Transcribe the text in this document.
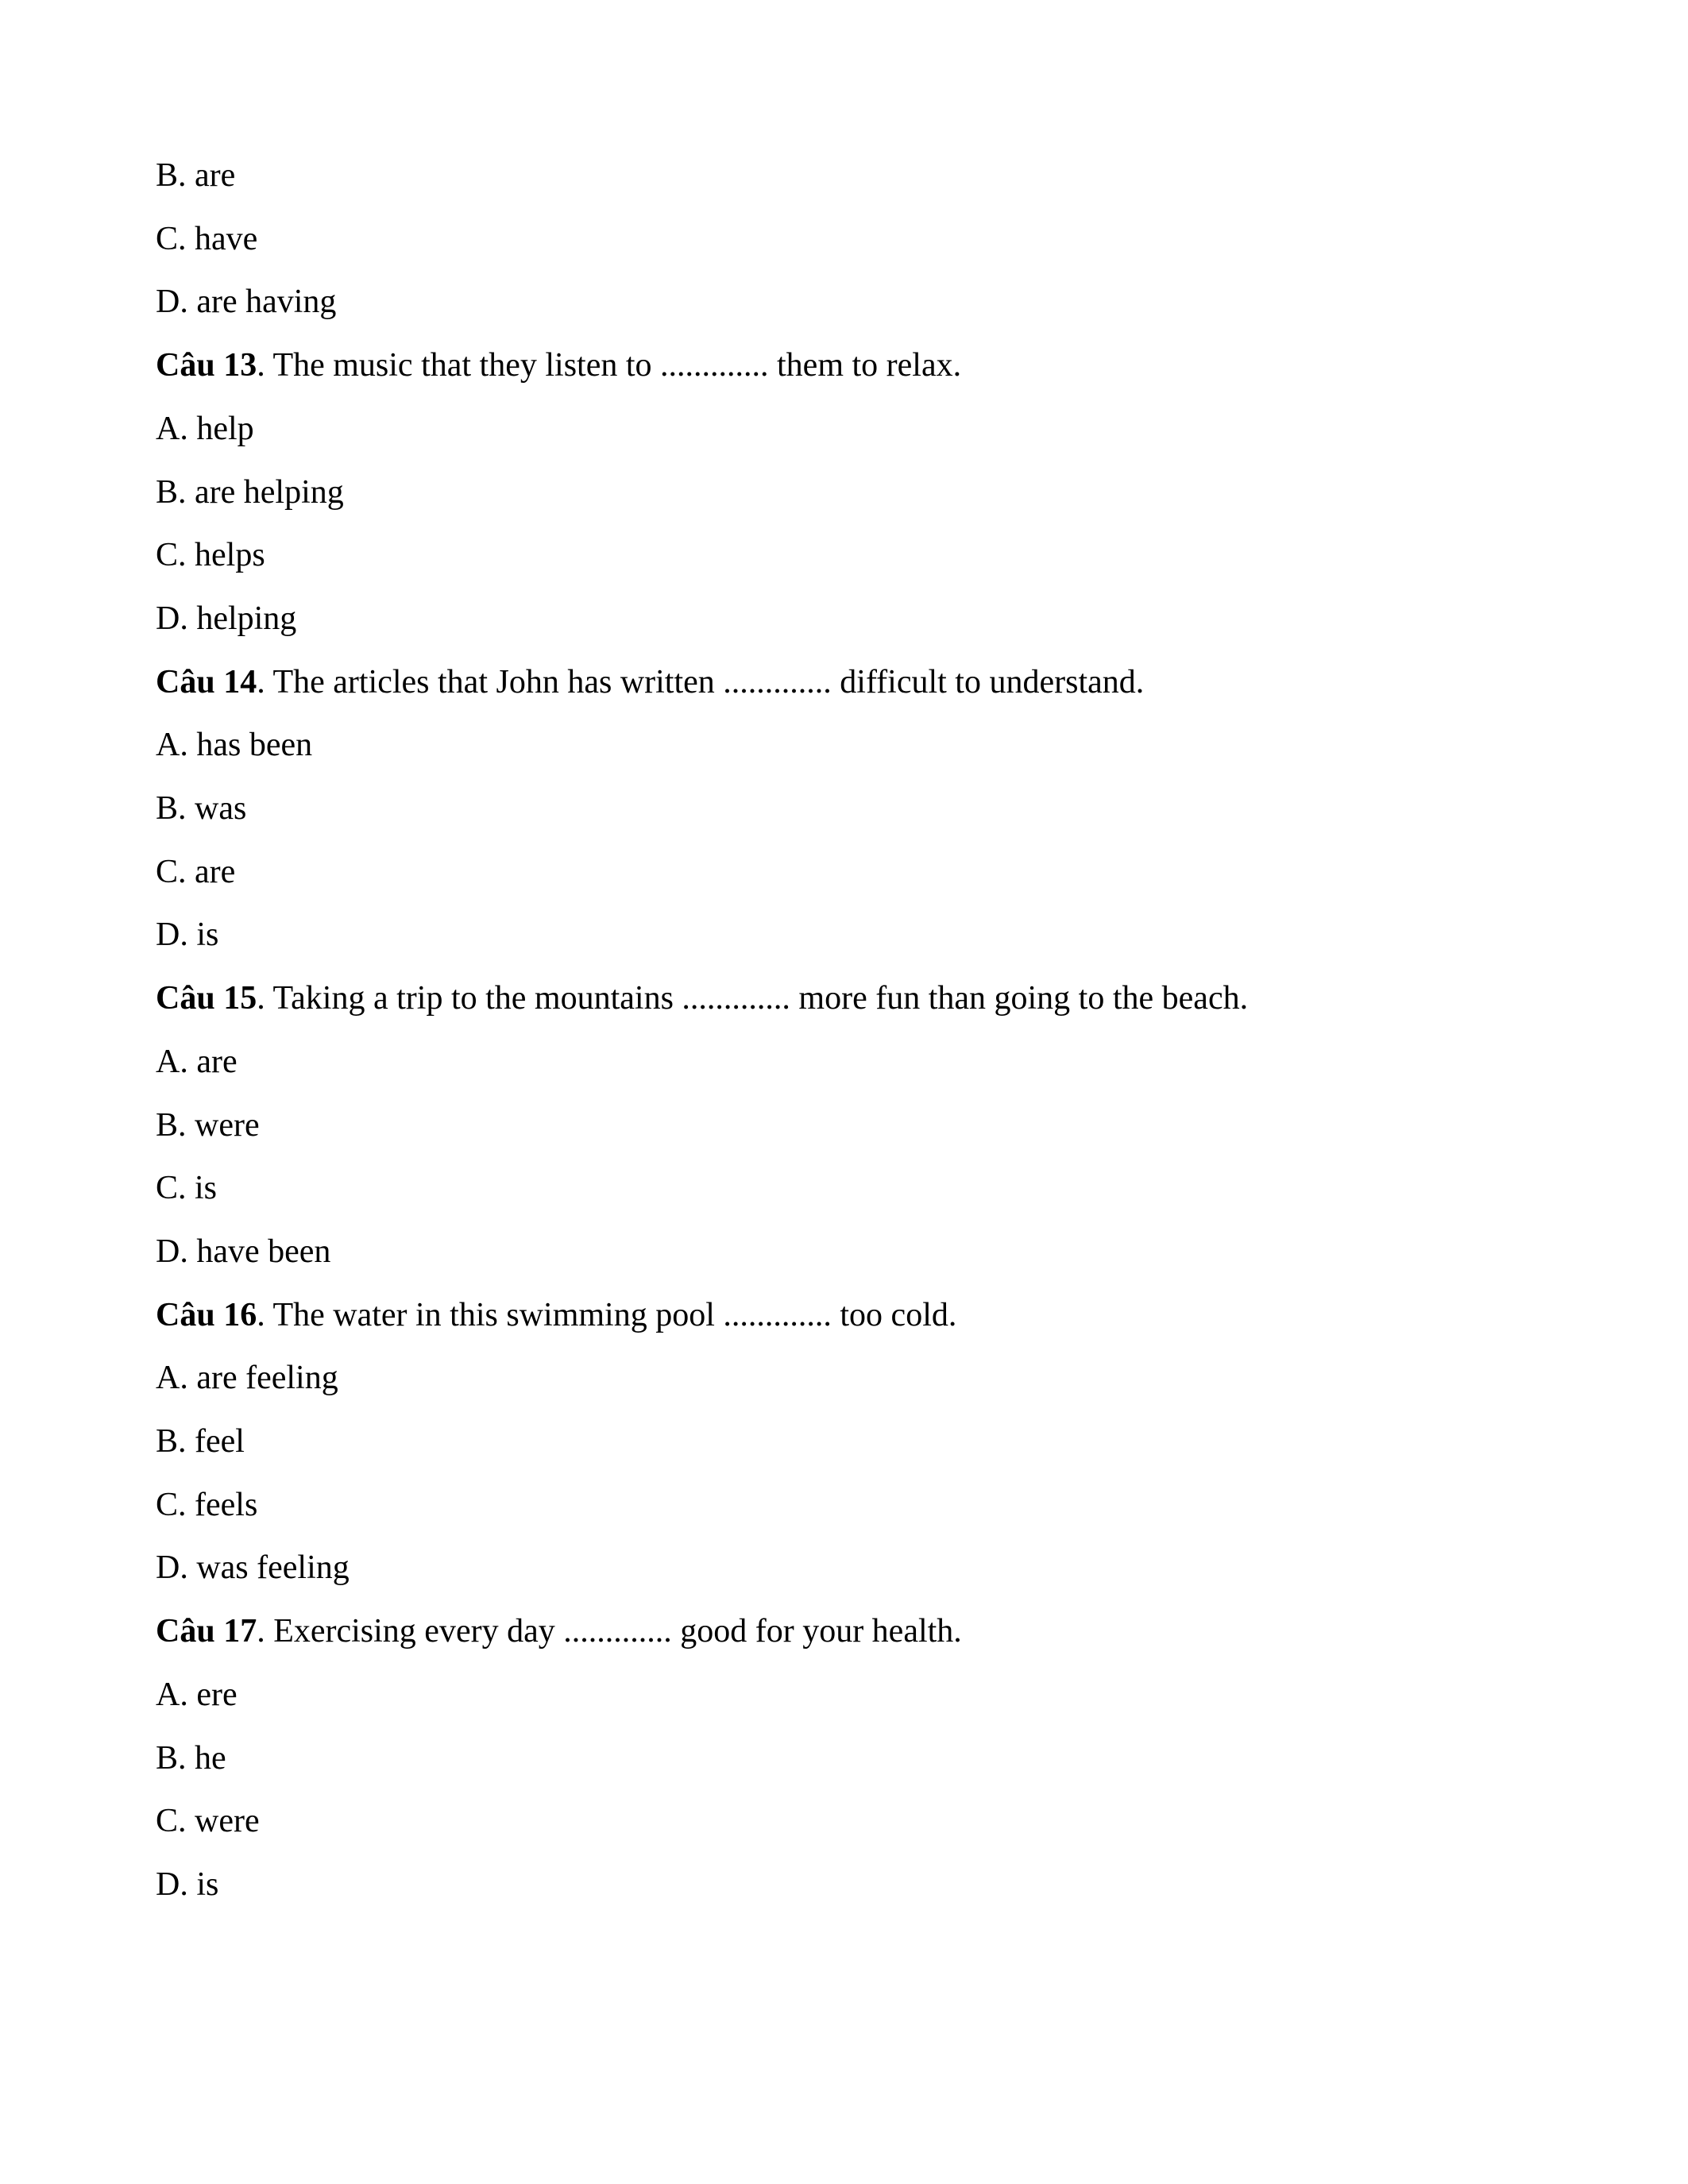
B. are
C. have
D. are having
Câu 13. The music that they listen to ............. them to relax.
A. help
B. are helping
C. helps
D. helping
Câu 14. The articles that John has written ............. difficult to understand.
A. has been
B. was
C. are
D. is
Câu 15. Taking a trip to the mountains ............. more fun than going to the beach.
A. are
B. were
C. is
D. have been
Câu 16. The water in this swimming pool ............. too cold.
A. are feeling
B. feel
C. feels
D. was feeling
Câu 17. Exercising every day ............. good for your health.
A. ere
B. he
C. were
D. is
